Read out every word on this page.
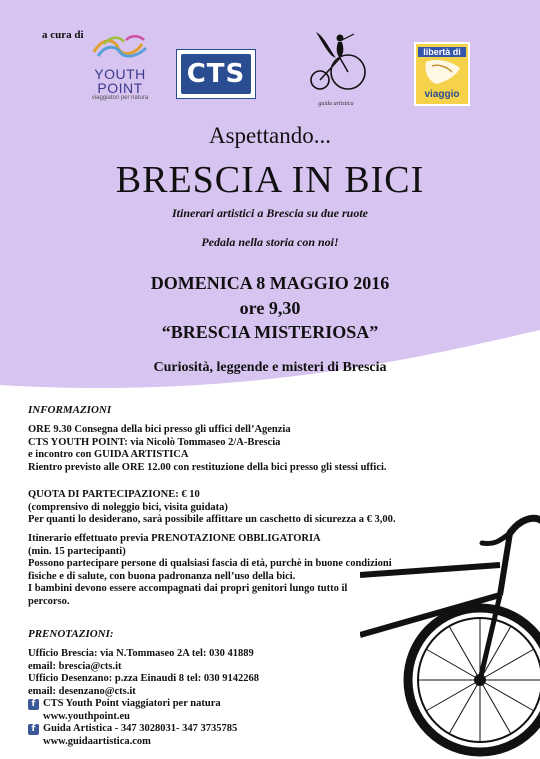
a cura di
YOUTH
POINT
viaggiatori per natura
CTS
guida artistica
libertà di
viaggio
Aspettando...
BRESCIA IN BICI
Itinerari artistici a Brescia su due ruote
Pedala nella storia con noi!
DOMENICA 8 MAGGIO 2016
ore 9,30
“BRESCIA MISTERIOSA”
Curiosità, leggende e misteri di Brescia
INFORMAZIONI
ORE 9.30 Consegna della bici presso gli uffici dell’Agenzia
CTS YOUTH POINT: via Nicolò Tommaseo 2/A-Brescia
e incontro con GUIDA ARTISTICA
Rientro previsto alle ORE 12.00 con restituzione della bici presso gli stessi uffici.
QUOTA DI PARTECIPAZIONE: € 10
(comprensivo di noleggio bici, visita guidata)
Per quanti lo desiderano, sarà possibile affittare un caschetto di sicurezza a € 3,00.
Itinerario effettuato previa PRENOTAZIONE OBBLIGATORIA
(min. 15 partecipanti)
Possono partecipare persone di qualsiasi fascia di età, purchè in buone condizioni
fisiche e di salute, con buona padronanza nell’uso della bici.
I bambini devono essere accompagnati dai propri genitori lungo tutto il
percorso.
PRENOTAZIONI:
Ufficio Brescia: via N.Tommaseo 2A tel: 030 41889
email: brescia@cts.it
Ufficio Desenzano: p.zza Einaudi 8 tel: 030 9142268
email: desenzano@cts.it
f CTS Youth Point viaggiatori per natura
www.youthpoint.eu
f Guida Artistica - 347 3028031- 347 3735785
www.guidaartistica.com
